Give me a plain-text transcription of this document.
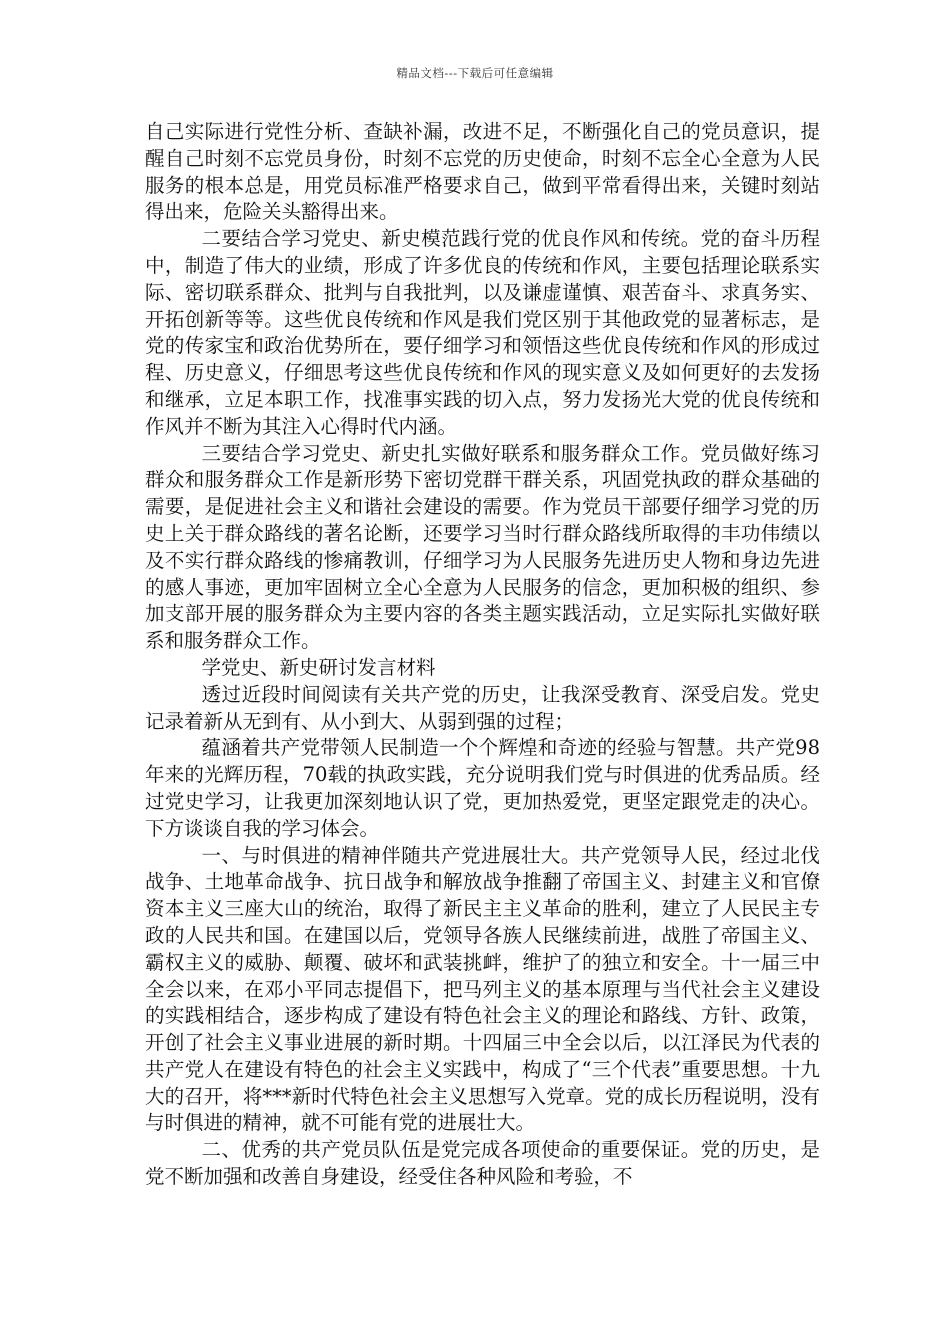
精品文档---下载后可任意编辑

自己实际进行党性分析、查缺补漏，改进不足，不断强化自己的党员意识，提醒自己时刻不忘党员身份，时刻不忘党的历史使命，时刻不忘全心全意为人民服务的根本总是，用党员标准严格要求自己，做到平常看得出来，关键时刻站得出来，危险关头豁得出来。

二要结合学习党史、新史模范践行党的优良作风和传统。党的奋斗历程中，制造了伟大的业绩，形成了许多优良的传统和作风，主要包括理论联系实际、密切联系群众、批判与自我批判，以及谦虚谨慎、艰苦奋斗、求真务实、开拓创新等等。这些优良传统和作风是我们党区别于其他政党的显著标志，是党的传家宝和政治优势所在，要仔细学习和领悟这些优良传统和作风的形成过程、历史意义，仔细思考这些优良传统和作风的现实意义及如何更好的去发扬和继承，立足本职工作，找准事实践的切入点，努力发扬光大党的优良传统和作风并不断为其注入心得时代内涵。

三要结合学习党史、新史扎实做好联系和服务群众工作。党员做好练习群众和服务群众工作是新形势下密切党群干群关系，巩固党执政的群众基础的需要，是促进社会主义和谐社会建设的需要。作为党员干部要仔细学习党的历史上关于群众路线的著名论断，还要学习当时行群众路线所取得的丰功伟绩以及不实行群众路线的惨痛教训，仔细学习为人民服务先进历史人物和身边先进的感人事迹，更加牢固树立全心全意为人民服务的信念，更加积极的组织、参加支部开展的服务群众为主要内容的各类主题实践活动，立足实际扎实做好联系和服务群众工作。

学党史、新史研讨发言材料

透过近段时间阅读有关共产党的历史，让我深受教育、深受启发。党史记录着新从无到有、从小到大、从弱到强的过程；

蕴涵着共产党带领人民制造一个个辉煌和奇迹的经验与智慧。共产党98年来的光辉历程，70载的执政实践，充分说明我们党与时俱进的优秀品质。经过党史学习，让我更加深刻地认识了党，更加热爱党，更坚定跟党走的决心。下方谈谈自我的学习体会。

一、与时俱进的精神伴随共产党进展壮大。共产党领导人民，经过北伐战争、土地革命战争、抗日战争和解放战争推翻了帝国主义、封建主义和官僚资本主义三座大山的统治，取得了新民主主义革命的胜利，建立了人民民主专政的人民共和国。在建国以后，党领导各族人民继续前进，战胜了帝国主义、霸权主义的威胁、颠覆、破坏和武装挑衅，维护了的独立和安全。十一届三中全会以来，在邓小平同志提倡下，把马列主义的基本原理与当代社会主义建设的实践相结合，逐步构成了建设有特色社会主义的理论和路线、方针、政策，开创了社会主义事业进展的新时期。十四届三中全会以后，以江泽民为代表的共产党人在建设有特色的社会主义实践中，构成了“三个代表”重要思想。十九大的召开，将***新时代特色社会主义思想写入党章。党的成长历程说明，没有与时俱进的精神，就不可能有党的进展壮大。

二、优秀的共产党员队伍是党完成各项使命的重要保证。党的历史，是党不断加强和改善自身建设，经受住各种风险和考验，不
